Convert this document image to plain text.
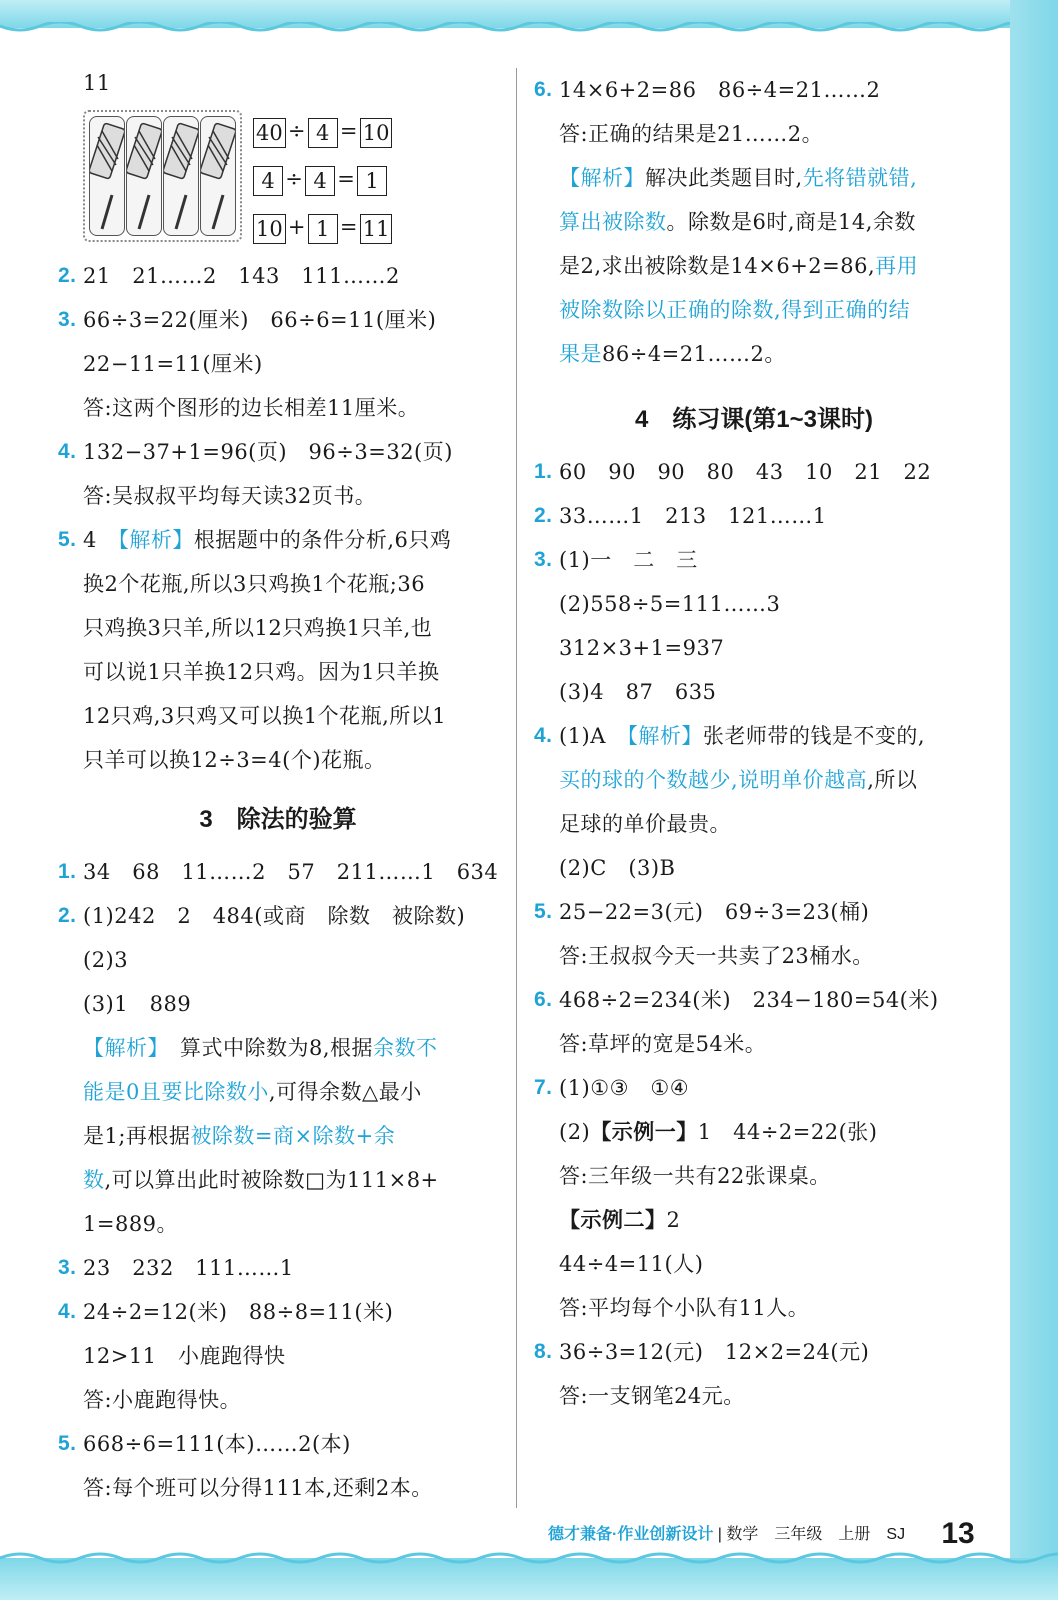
11
40 ÷ 4 = 10
4 ÷ 4 = 1
10 + 1 = 11
2. 21　21……2　143　111……2
3. 66÷3=22(厘米)　66÷6=11(厘米)
22−11=11(厘米)
答:这两个图形的边长相差11厘米。
4. 132−37+1=96(页)　96÷3=32(页)
答:吴叔叔平均每天读32页书。
5. 4　【解析】根据题中的条件分析,6只鸡
换2个花瓶,所以3只鸡换1个花瓶;36
只鸡换3只羊,所以12只鸡换1只羊,也
可以说1只羊换12只鸡。因为1只羊换
12只鸡,3只鸡又可以换1个花瓶,所以1
只羊可以换12÷3=4(个)花瓶。
3　除法的验算
1. 34　68　11……2　57　211……1　634
2. (1)242　2　484(或商　除数　被除数)
(2)3
(3)1　889
【解析】　算式中除数为8,根据余数不
能是0且要比除数小,可得余数△最小
是1;再根据被除数=商×除数+余
数,可以算出此时被除数□为111×8+
1=889。
3. 23　232　111……1
4. 24÷2=12(米)　88÷8=11(米)
12>11　小鹿跑得快
答:小鹿跑得快。
5. 668÷6=111(本)……2(本)
答:每个班可以分得111本,还剩2本。
6. 14×6+2=86　86÷4=21……2
答:正确的结果是21……2。
【解析】解决此类题目时,先将错就错,
算出被除数。除数是6时,商是14,余数
是2,求出被除数是14×6+2=86,再用
被除数除以正确的除数,得到正确的结
果是86÷4=21……2。
4　练习课(第1~3课时)
1. 60　90　90　80　43　10　21　22
2. 33……1　213　121……1
3. (1)一　二　三
(2)558÷5=111……3
312×3+1=937
(3)4　87　635
4. (1)A　【解析】张老师带的钱是不变的,
买的球的个数越少,说明单价越高,所以
足球的单价最贵。
(2)C　(3)B
5. 25−22=3(元)　69÷3=23(桶)
答:王叔叔今天一共卖了23桶水。
6. 468÷2=234(米)　234−180=54(米)
答:草坪的宽是54米。
7. (1)①③　①④
(2)【示例一】1　44÷2=22(张)
答:三年级一共有22张课桌。
【示例二】2
44÷4=11(人)
答:平均每个小队有11人。
8. 36÷3=12(元)　12×2=24(元)
答:一支钢笔24元。
德才兼备·作业创新设计 | 数学　三年级　上册　SJ 13
